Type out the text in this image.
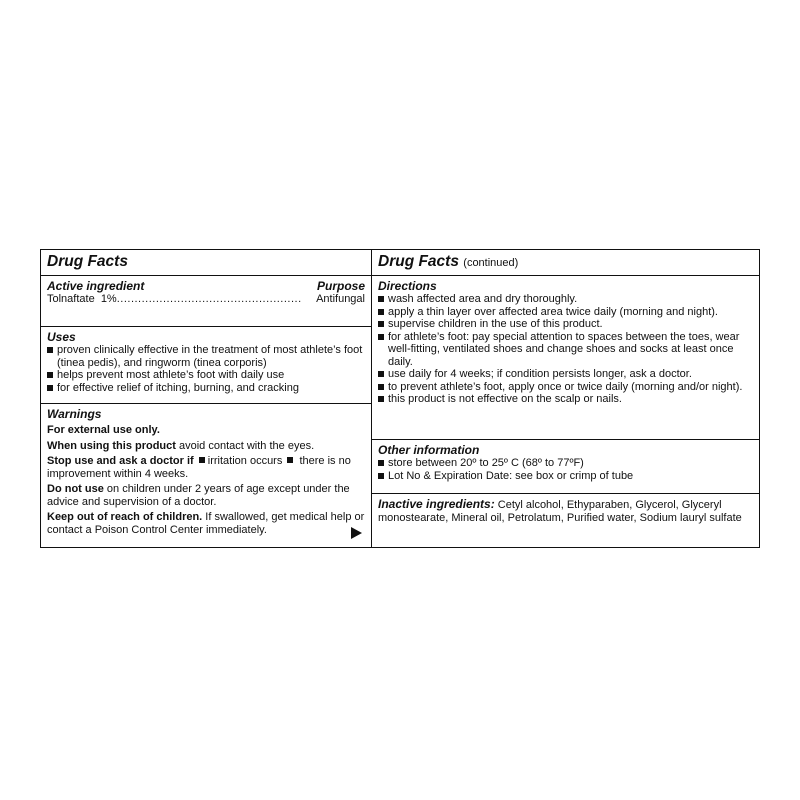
Drug Facts
Active ingredient	Purpose
Tolnaftate  1% ....................................................	Antifungal
Uses
proven clinically effective in the treatment of most athlete’s foot (tinea pedis), and ringworm (tinea corporis)
helps prevent most athlete’s foot with daily use
for effective relief of itching, burning, and cracking
Warnings

For external use only.

When using this product avoid contact with the eyes.

Stop use and ask a doctor if irritation occurs there is no improvement within 4 weeks.

Do not use on children under 2 years of age except under the advice and supervision of a doctor.

Keep out of reach of children. If swallowed, get medical help or contact a Poison Control Center immediately.

Drug Facts (continued)
Directions
wash affected area and dry thoroughly.
apply a thin layer over affected area twice daily (morning and night).
supervise children in the use of this product.
for athlete’s foot: pay special attention to spaces between the toes, wear well-fitting, ventilated shoes and change shoes and socks at least once daily.
use daily for 4 weeks; if condition persists longer, ask a doctor.
to prevent athlete’s foot, apply once or twice daily (morning and/or night).
this product is not effective on the scalp or nails.
Other information
store between 20º to 25º C (68º to 77ºF)
Lot No & Expiration Date: see box or crimp of tube
Inactive ingredients: Cetyl alcohol, Ethyparaben, Glycerol, Glyceryl monostearate, Mineral oil, Petrolatum, Purified water, Sodium lauryl sulfate
